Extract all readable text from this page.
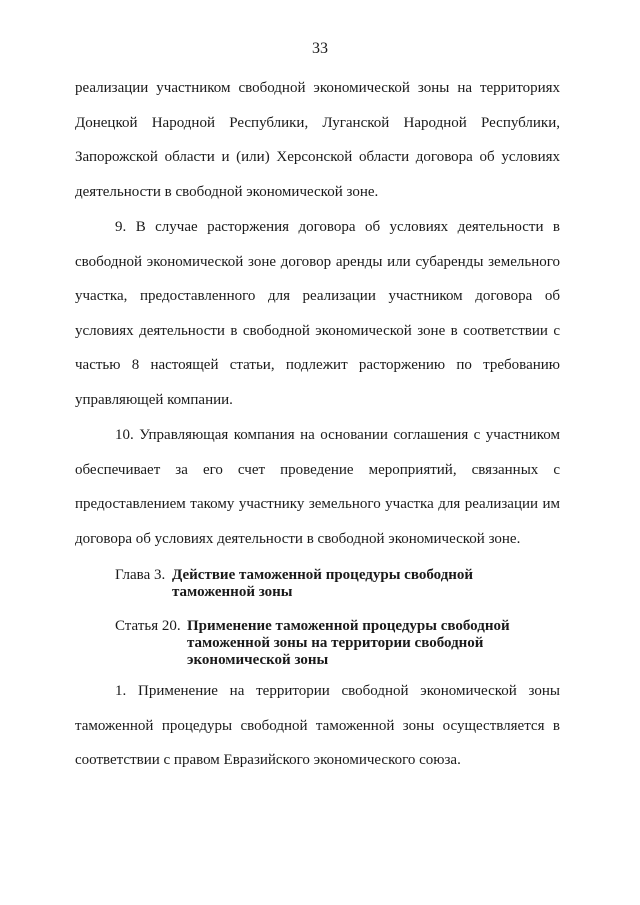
33

реализации участником свободной экономической зоны на территориях Донецкой Народной Республики, Луганской Народной Республики, Запорожской области и (или) Херсонской области договора об условиях деятельности в свободной экономической зоне.

9. В случае расторжения договора об условиях деятельности в свободной экономической зоне договор аренды или субаренды земельного участка, предоставленного для реализации участником договора об условиях деятельности в свободной экономической зоне в соответствии с частью 8 настоящей статьи, подлежит расторжению по требованию управляющей компании.

10. Управляющая компания на основании соглашения с участником обеспечивает за его счет проведение мероприятий, связанных с предоставлением такому участнику земельного участка для реализации им договора об условиях деятельности в свободной экономической зоне.

Глава 3. Действие таможенной процедуры свободной таможенной зоны
Статья 20. Применение таможенной процедуры свободной таможенной зоны на территории свободной экономической зоны

1. Применение на территории свободной экономической зоны таможенной процедуры свободной таможенной зоны осуществляется в соответствии с правом Евразийского экономического союза.
